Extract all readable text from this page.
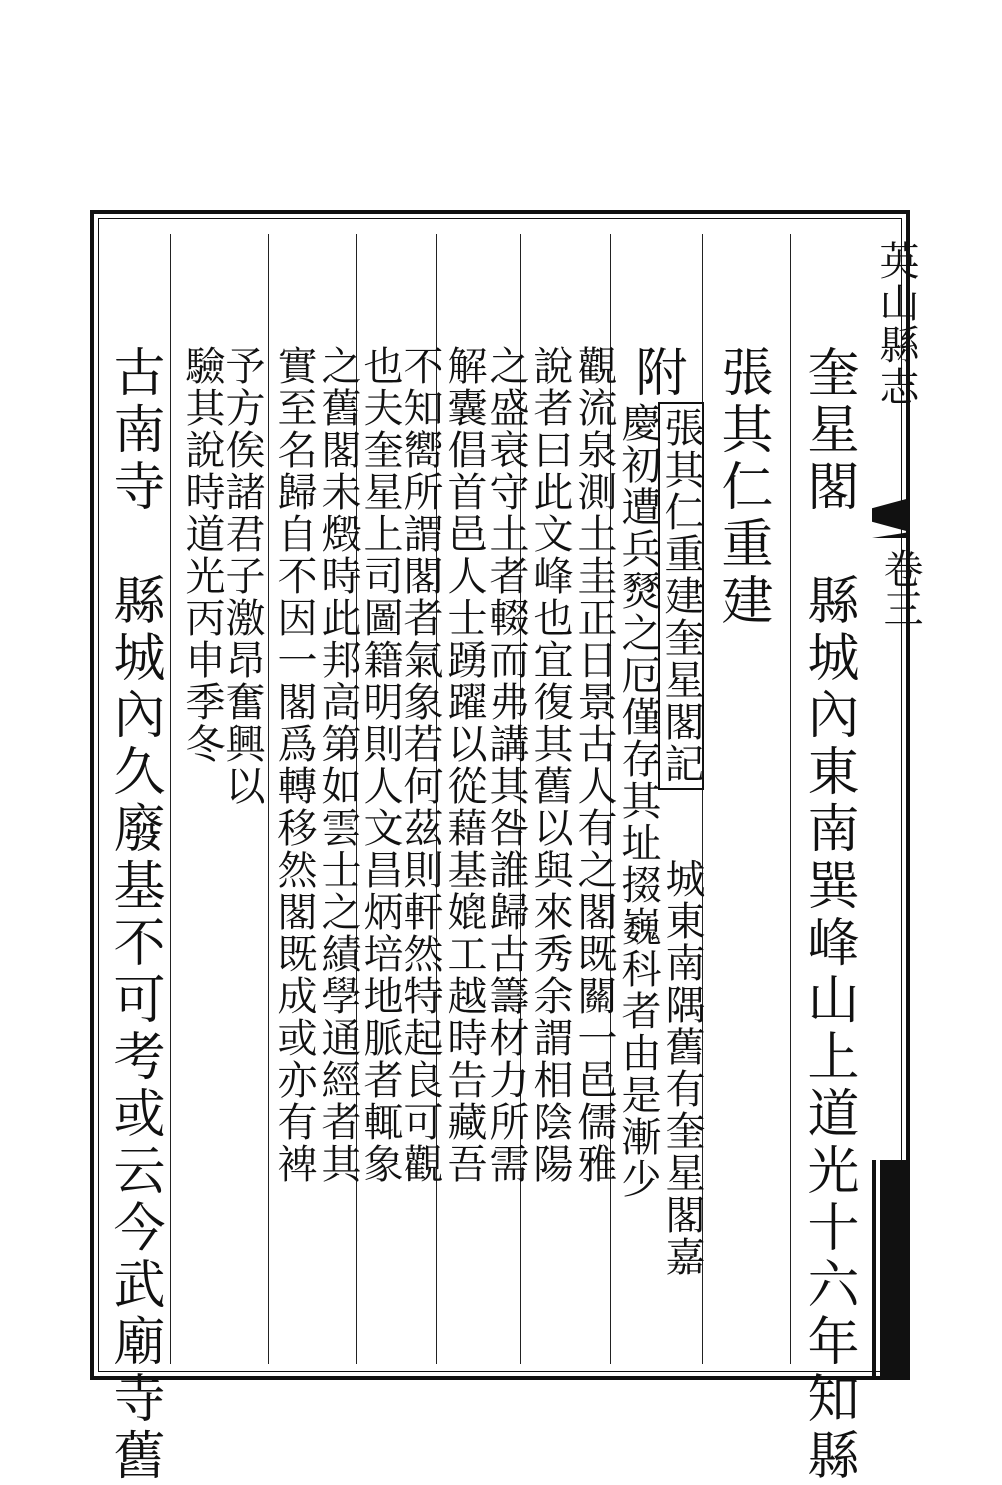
英山縣志
卷三
奎星閣　縣城內東南巽峰山上道光十六年知縣
張其仁重建
附
張其仁重建奎星閣記
城東南隅舊有奎星閣嘉
慶初遭兵燹之厄僅存其址掇巍科者由是漸少
說者曰此文峰也宜復其舊以與來秀余謂相陰陽
觀流泉測土圭正日景古人有之閣既關一邑儒雅
之盛衰守土者輟而弗講其咎誰歸古籌材力所需
解囊倡首邑人士踴躍以從藉基媲工越時告藏吾
不知嚮所謂閣者氣象若何茲則軒然特起良可觀
也夫奎星上司圖籍明則人文昌炳培地脈者輒象
之舊閣未燬時此邦高第如雲士之績學通經者其
實至名歸自不因一閣爲轉移然閣既成或亦有裨
予方俟諸君子激昂奮興以
驗其說時道光丙申季冬
古南寺　縣城內久廢基不可考或云今武廟寺舊
